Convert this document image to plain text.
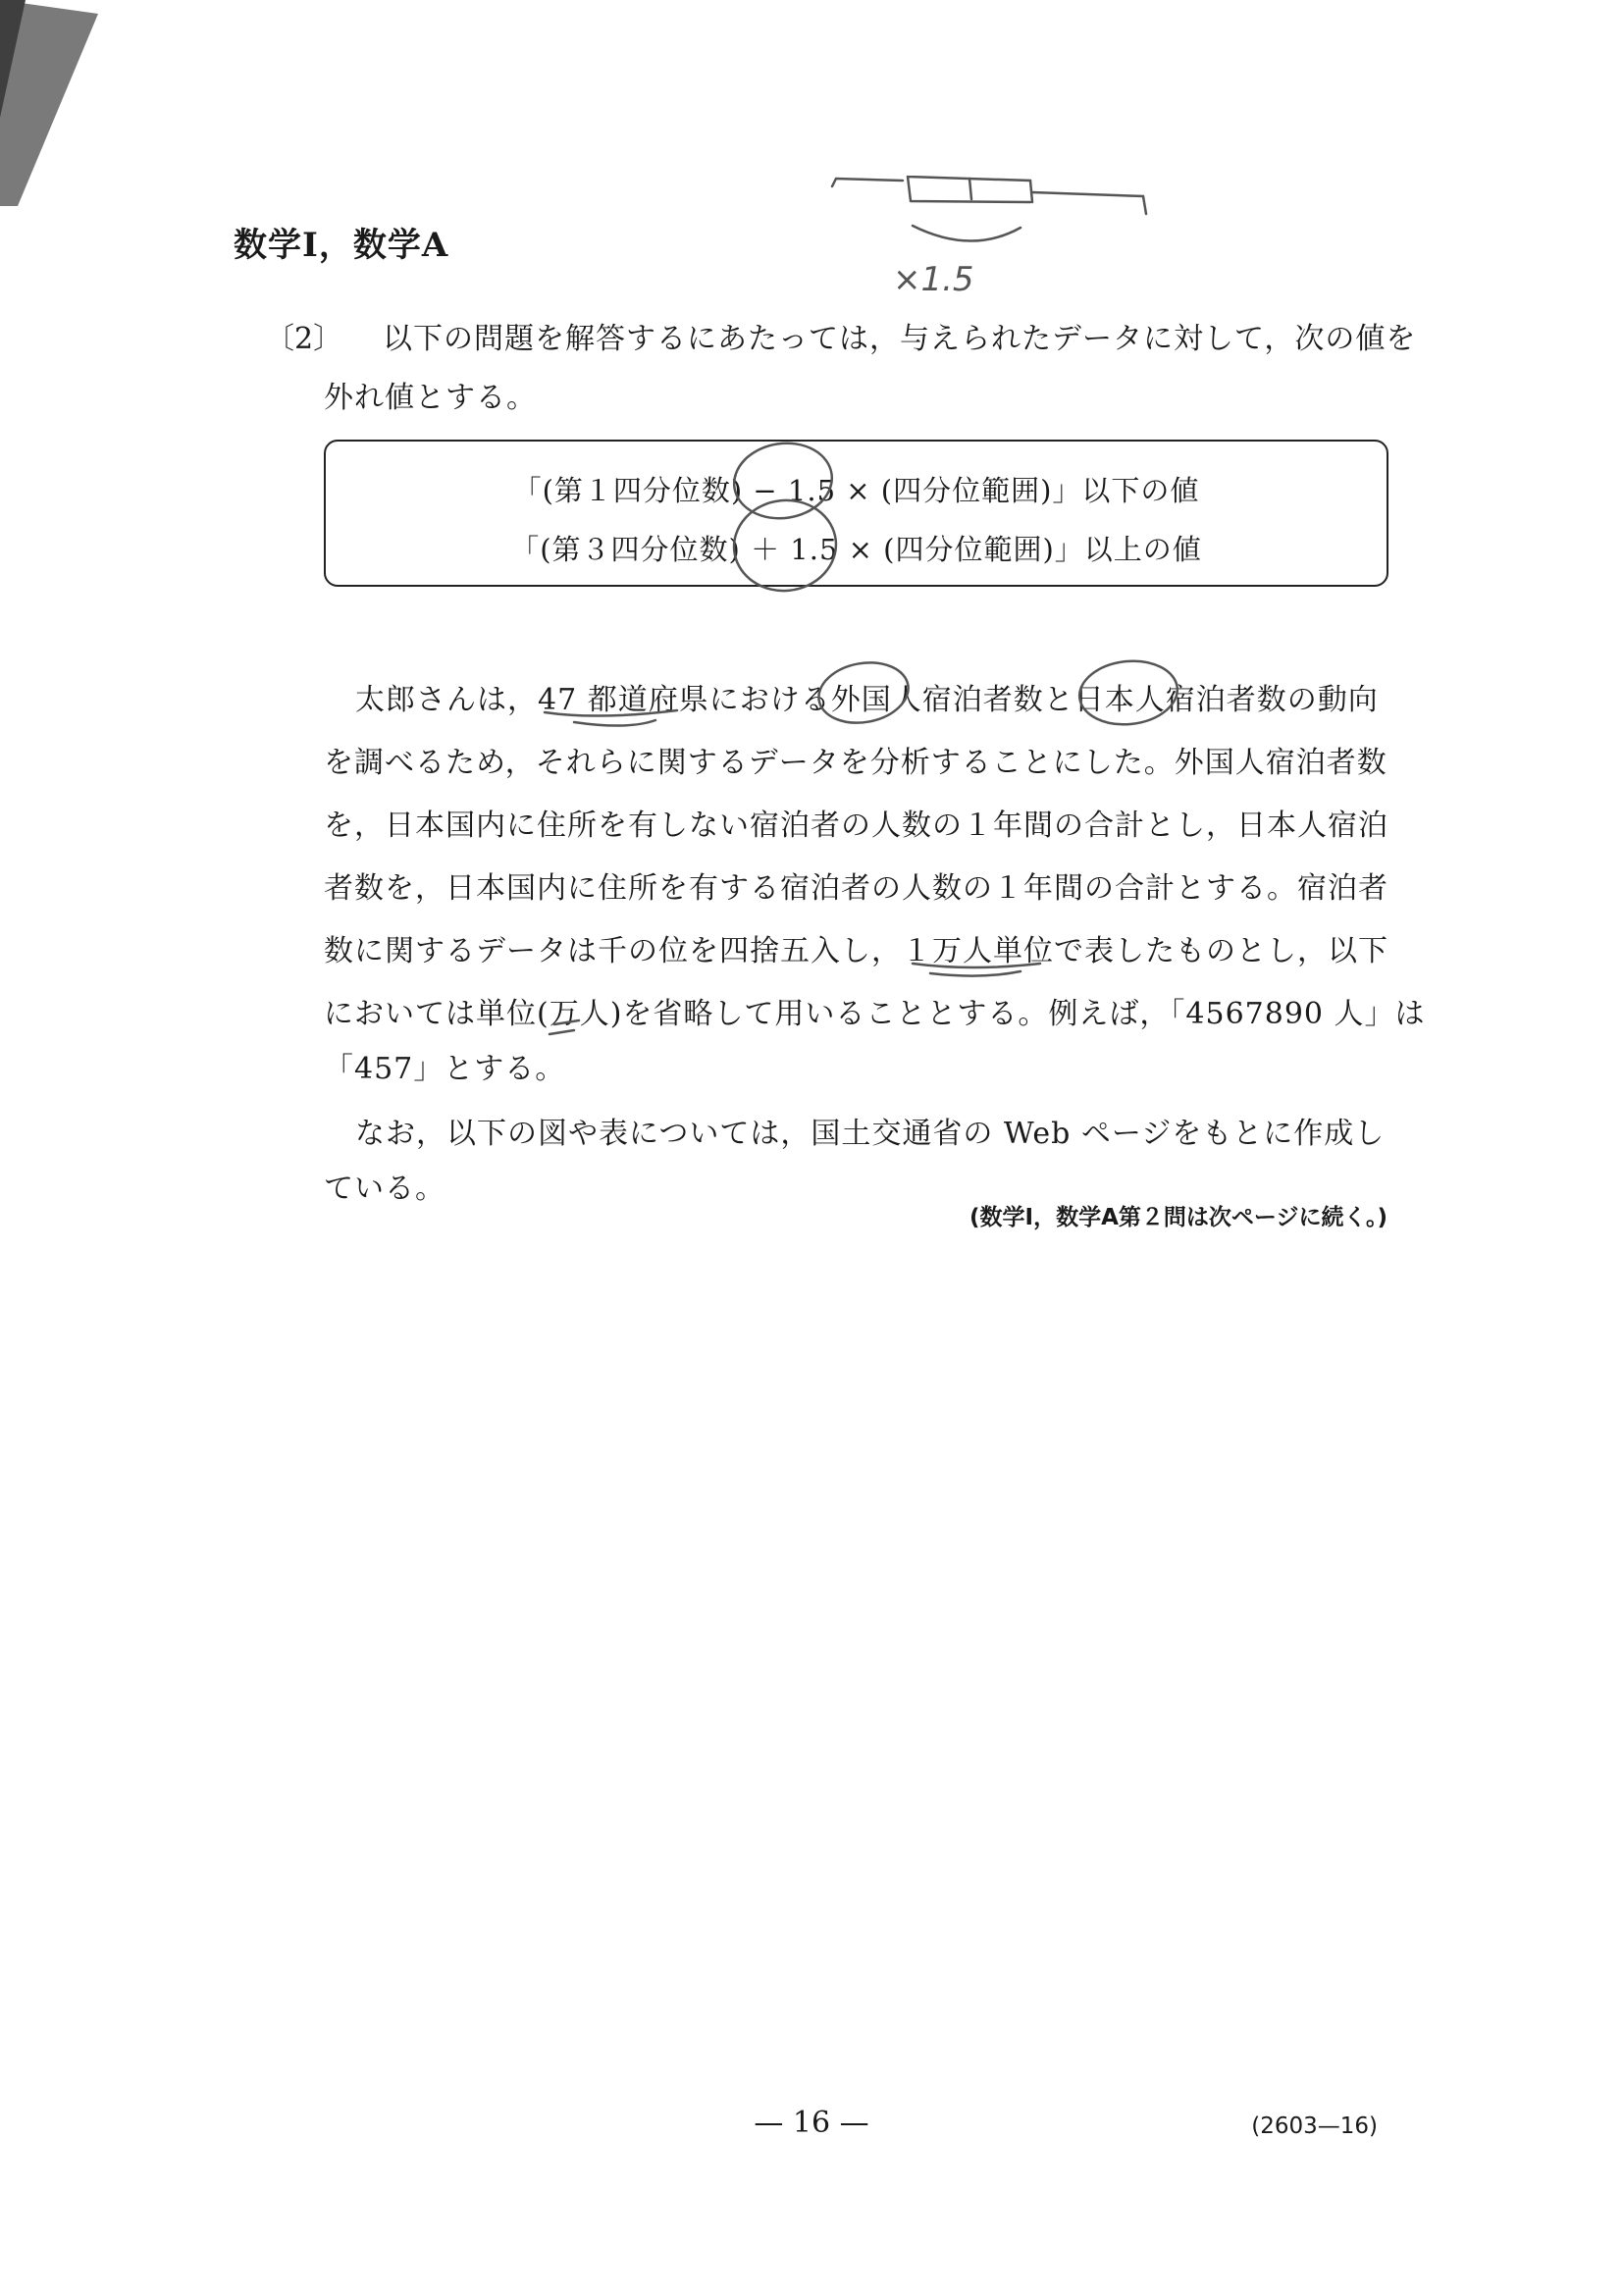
数学Ⅰ，数学A
〔2〕 以下の問題を解答するにあたっては，与えられたデータに対して，次の値を
外れ値とする。
「(第１四分位数) − 1.5 × (四分位範囲)」以下の値
「(第３四分位数) ＋ 1.5 × (四分位範囲)」以上の値
太郎さんは，47 都道府県における外国人宿泊者数と日本人宿泊者数の動向
を調べるため，それらに関するデータを分析することにした。外国人宿泊者数
を，日本国内に住所を有しない宿泊者の人数の１年間の合計とし，日本人宿泊
者数を，日本国内に住所を有する宿泊者の人数の１年間の合計とする。宿泊者
数に関するデータは千の位を四捨五入し，１万人単位で表したものとし，以下
においては単位(万人)を省略して用いることとする。例えば，「4567890 人」は
「457」とする。
なお，以下の図や表については，国土交通省の Web ページをもとに作成し
ている。
(数学Ⅰ，数学A第２問は次ページに続く。)
— 16 —	(2603—16)
×1.5
